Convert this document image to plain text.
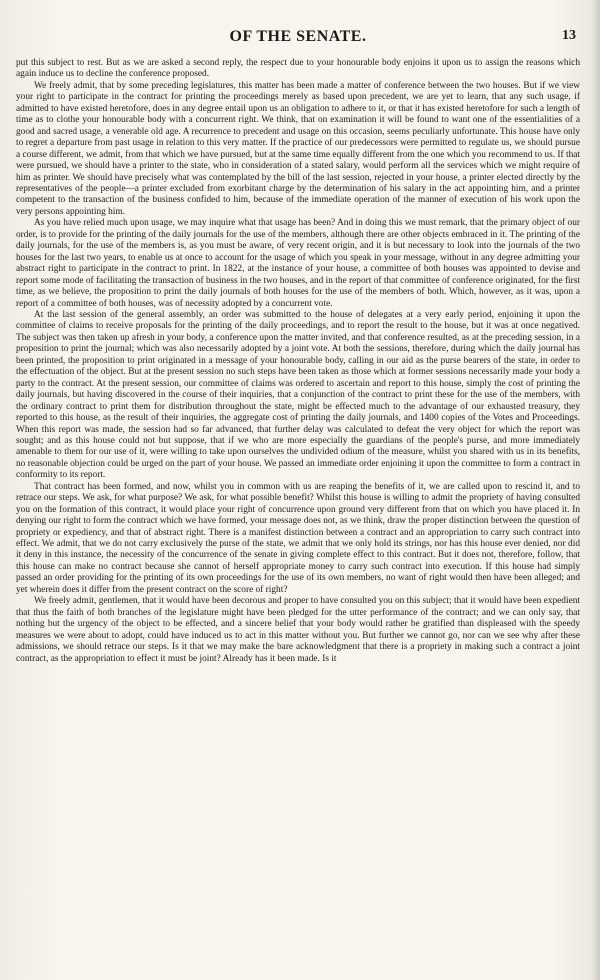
OF THE SENATE.	13

put this subject to rest. But as we are asked a second reply, the respect due to your honourable body enjoins it upon us to assign the reasons which again induce us to decline the conference proposed.

We freely admit, that by some preceding legislatures, this matter has been made a matter of conference between the two houses. But if we view your right to participate in the contract for printing the proceedings merely as based upon precedent, we are yet to learn, that any such usage, if admitted to have existed heretofore, does in any degree entail upon us an obligation to adhere to it, or that it has existed heretofore for such a length of time as to clothe your honourable body with a concurrent right. We think, that on examination it will be found to want one of the essentialities of a good and sacred usage, a venerable old age. A recurrence to precedent and usage on this occasion, seems peculiarly unfortunate. This house have only to regret a departure from past usage in relation to this very matter. If the practice of our predecessors were permitted to regulate us, we should pursue a course different, we admit, from that which we have pursued, but at the same time equally different from the one which you recommend to us. If that were pursued, we should have a printer to the state, who in consideration of a stated salary, would perform all the services which we might require of him as printer. We should have precisely what was contemplated by the bill of the last session, rejected in your house, a printer elected directly by the representatives of the people—a printer excluded from exorbitant charge by the determination of his salary in the act appointing him, and a printer competent to the transaction of the business confided to him, because of the immediate operation of the manner of execution of his work upon the very persons appointing him.

As you have relied much upon usage, we may inquire what that usage has been? And in doing this we must remark, that the primary object of our order, is to provide for the printing of the daily journals for the use of the members, although there are other objects embraced in it. The printing of the daily journals, for the use of the members is, as you must be aware, of very recent origin, and it is but necessary to look into the journals of the two houses for the last two years, to enable us at once to account for the usage of which you speak in your message, without in any degree admitting your abstract right to participate in the contract to print. In 1822, at the instance of your house, a committee of both houses was appointed to devise and report some mode of facilitating the transaction of business in the two houses, and in the report of that committee of conference originated, for the first time, as we believe, the proposition to print the daily journals of both houses for the use of the members of both. Which, however, as it was, upon a report of a committee of both houses, was of necessity adopted by a concurrent vote.

At the last session of the general assembly, an order was submitted to the house of delegates at a very early period, enjoining it upon the committee of claims to receive proposals for the printing of the daily proceedings, and to report the result to the house, but it was at once negatived. The subject was then taken up afresh in your body, a conference upon the matter invited, and that conference resulted, as at the preceding session, in a proposition to print the journal; which was also necessarily adopted by a joint vote. At both the sessions, therefore, during which the daily journal has been printed, the proposition to print originated in a message of your honourable body, calling in our aid as the purse bearers of the state, in order to the effectuation of the object. But at the present session no such steps have been taken as those which at former sessions necessarily made your body a party to the contract. At the present session, our committee of claims was ordered to ascertain and report to this house, simply the cost of printing the daily journals, but having discovered in the course of their inquiries, that a conjunction of the contract to print these for the use of the members, with the ordinary contract to print them for distribution throughout the state, might be effected much to the advantage of our exhausted treasury, they reported to this house, as the result of their inquiries, the aggregate cost of printing the daily journals, and 1400 copies of the Votes and Proceedings. When this report was made, the session had so far advanced, that further delay was calculated to defeat the very object for which the report was sought; and as this house could not but suppose, that if we who are more especially the guardians of the people's purse, and more immediately amenable to them for our use of it, were willing to take upon ourselves the undivided odium of the measure, whilst you shared with us in its benefits, no reasonable objection could be urged on the part of your house. We passed an immediate order enjoining it upon the committee to form a contract in conformity to its report.

That contract has been formed, and now, whilst you in common with us are reaping the benefits of it, we are called upon to rescind it, and to retrace our steps. We ask, for what purpose? We ask, for what possible benefit? Whilst this house is willing to admit the propriety of having consulted you on the formation of this contract, it would place your right of concurrence upon ground very different from that on which you have placed it. In denying our right to form the contract which we have formed, your message does not, as we think, draw the proper distinction between the question of propriety or expediency, and that of abstract right. There is a manifest distinction between a contract and an appropriation to carry such contract into effect. We admit, that we do not carry exclusively the purse of the state, we admit that we only hold its strings, nor has this house ever denied, nor did it deny in this instance, the necessity of the concurrence of the senate in giving complete effect to this contract. But it does not, therefore, follow, that this house can make no contract because she cannot of herself appropriate money to carry such contract into execution. If this house had simply passed an order providing for the printing of its own proceedings for the use of its own members, no want of right would then have been alleged; and yet wherein does it differ from the present contract on the score of right?

We freely admit, gentlemen, that it would have been decorous and proper to have consulted you on this subject; that it would have been expedient that thus the faith of both branches of the legislature might have been pledged for the utter performance of the contract; and we can only say, that nothing but the urgency of the object to be effected, and a sincere belief that your body would rather be gratified than displeased with the speedy measures we were about to adopt, could have induced us to act in this matter without you. But further we cannot go, nor can we see why after these admissions, we should retrace our steps. Is it that we may make the bare acknowledgment that there is a propriety in making such a contract a joint contract, as the appropriation to effect it must be joint? Already has it been made. Is it
